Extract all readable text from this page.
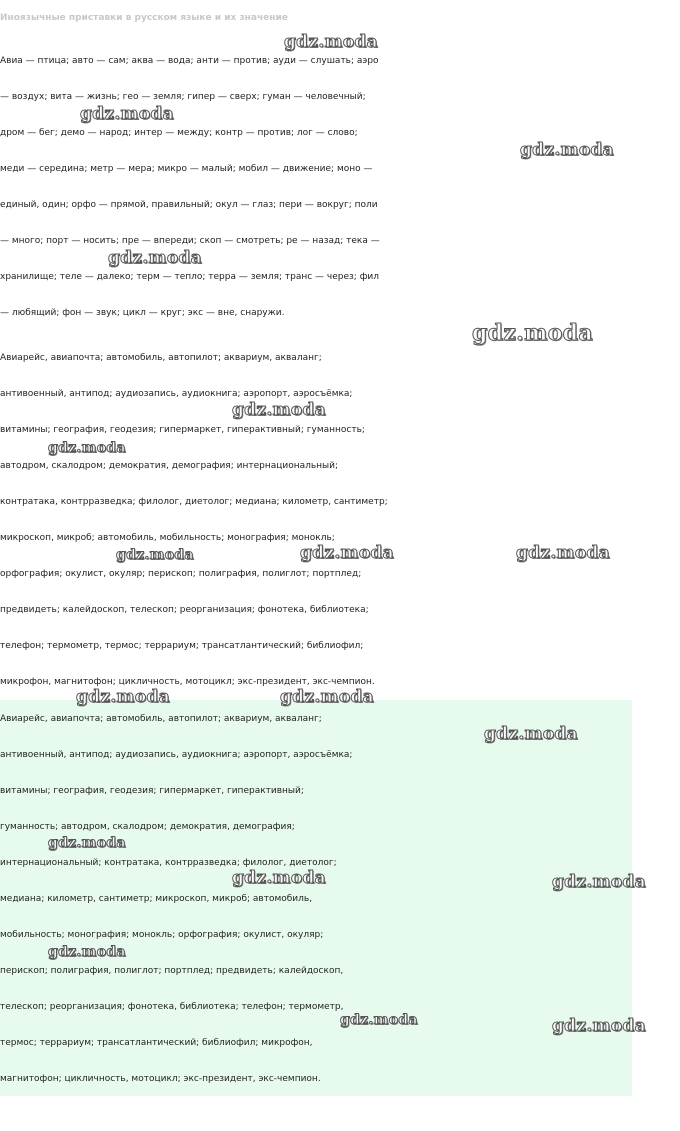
Иноязычные приставки в русском языке и их значение
Авиа — птица; авто — сам; аква — вода; анти — против; ауди — слушать; аэро
— воздух; вита — жизнь; гео — земля; гипер — сверх; гуман — человечный;
дром — бег; демо — народ; интер — между; контр — против; лог — слово;
меди — середина; метр — мера; микро — малый; мобил — движение; моно —
единый, один; орфо — прямой, правильный; окул — глаз; пери — вокруг; поли
— много; порт — носить; пре — впереди; скоп — смотреть; ре — назад; тека —
хранилище; теле — далеко; терм — тепло; терра — земля; транс — через; фил
— любящий; фон — звук; цикл — круг; экс — вне, снаружи.
Авиарейс, авиапочта; автомобиль, автопилот; аквариум, акваланг;
антивоенный, антипод; аудиозапись, аудиокнига; аэропорт, аэросъёмка;
витамины; география, геодезия; гипермаркет, гиперактивный; гуманность;
автодром, скалодром; демократия, демография; интернациональный;
контратака, контрразведка; филолог, диетолог; медиана; километр, сантиметр;
микроскоп, микроб; автомобиль, мобильность; монография; монокль;
орфография; окулист, окуляр; перископ; полиграфия, полиглот; портплед;
предвидеть; калейдоскоп, телескоп; реорганизация; фонотека, библиотека;
телефон; термометр, термос; террариум; трансатлантический; библиофил;
микрофон, магнитофон; цикличность, мотоцикл; экс-президент, экс-чемпион.
Авиарейс, авиапочта; автомобиль, автопилот; аквариум, акваланг;
антивоенный, антипод; аудиозапись, аудиокнига; аэропорт, аэросъёмка;
витамины; география, геодезия; гипермаркет, гиперактивный;
гуманность; автодром, скалодром; демократия, демография;
интернациональный; контратака, контрразведка; филолог, диетолог;
медиана; километр, сантиметр; микроскоп, микроб; автомобиль,
мобильность; монография; монокль; орфография; окулист, окуляр;
перископ; полиграфия, полиглот; портплед; предвидеть; калейдоскоп,
телескоп; реорганизация; фонотека, библиотека; телефон; термометр,
термос; террариум; трансатлантический; библиофил; микрофон,
магнитофон; цикличность, мотоцикл; экс-президент, экс-чемпион.
gdz.moda
gdz.moda
gdz.moda
gdz.moda
gdz.moda
gdz.moda
gdz.moda
gdz.moda	gdz.moda	gdz.moda
gdz.moda	gdz.moda
gdz.moda
gdz.moda
gdz.moda	gdz.moda
gdz.moda
gdz.moda	gdz.moda
